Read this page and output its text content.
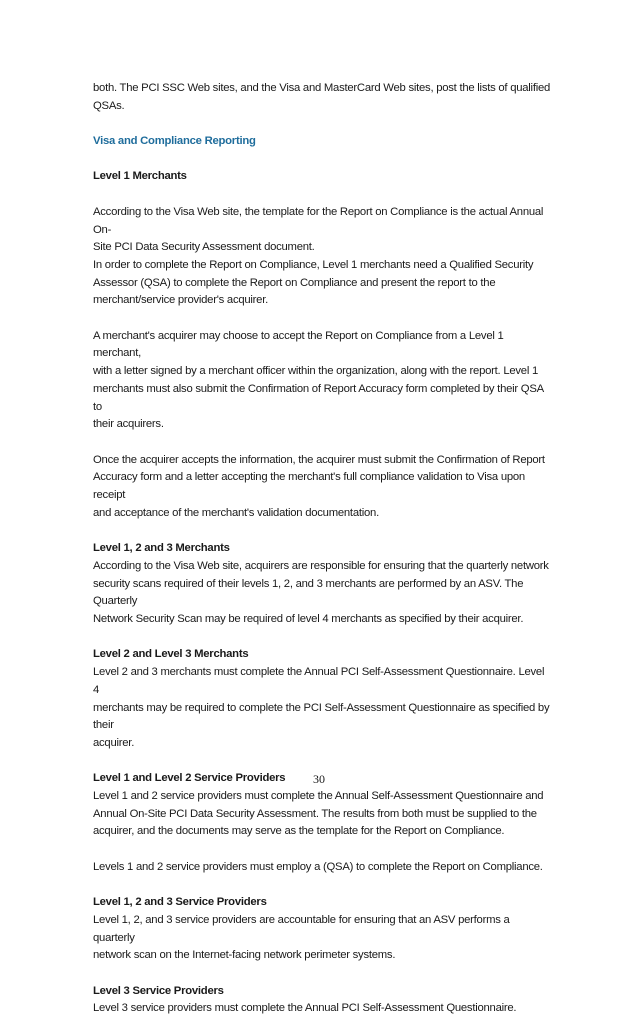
both. The PCI SSC Web sites, and the Visa and MasterCard Web sites, post the lists of qualified

QSAs.

Visa and Compliance Reporting

Level 1 Merchants

According to the Visa Web site, the template for the Report on Compliance is the actual Annual On-

Site PCI Data Security Assessment document.

In order to complete the Report on Compliance, Level 1 merchants need a Qualified Security

Assessor (QSA) to complete the Report on Compliance and present the report to the

merchant/service provider's acquirer.

A merchant's acquirer may choose to accept the Report on Compliance from a Level 1 merchant,

with a letter signed by a merchant officer within the organization, along with the report. Level 1

merchants must also submit the Confirmation of Report Accuracy form completed by their QSA to

their acquirers.

Once the acquirer accepts the information, the acquirer must submit the Confirmation of Report

Accuracy form and a letter accepting the merchant's full compliance validation to Visa upon receipt

and acceptance of the merchant's validation documentation.

Level 1, 2 and 3 Merchants

According to the Visa Web site, acquirers are responsible for ensuring that the quarterly network

security scans required of their levels 1, 2, and 3 merchants are performed by an ASV. The Quarterly

Network Security Scan may be required of level 4 merchants as specified by their acquirer.

Level 2 and Level 3 Merchants

Level 2 and 3 merchants must complete the Annual PCI Self-Assessment Questionnaire. Level 4

merchants may be required to complete the PCI Self-Assessment Questionnaire as specified by their

acquirer.

Level 1 and Level 2 Service Providers

Level 1 and 2 service providers must complete the Annual Self-Assessment Questionnaire and

Annual On-Site PCI Data Security Assessment. The results from both must be supplied to the

acquirer, and the documents may serve as the template for the Report on Compliance.

Levels 1 and 2 service providers must employ a (QSA) to complete the Report on Compliance.

Level 1, 2 and 3 Service Providers

Level 1, 2, and 3 service providers are accountable for ensuring that an ASV performs a quarterly

network scan on the Internet-facing network perimeter systems.

Level 3 Service Providers

Level 3 service providers must complete the Annual PCI Self-Assessment Questionnaire.

30
